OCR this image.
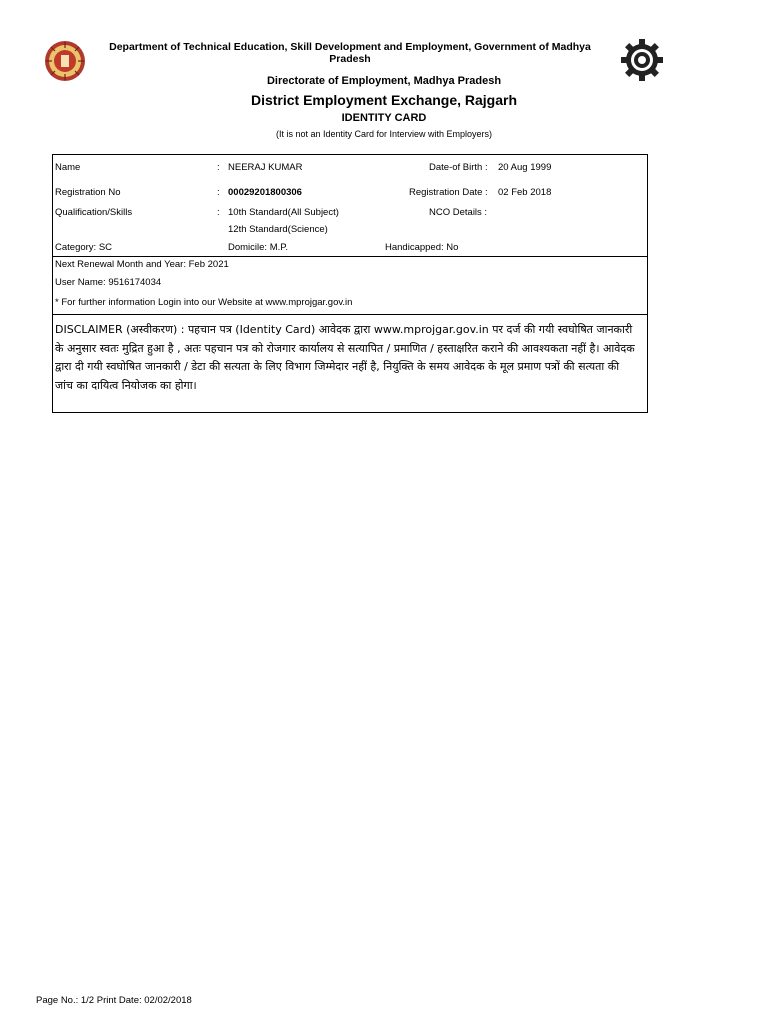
Department of Technical Education, Skill Development and Employment, Government of Madhya Pradesh
Directorate of Employment, Madhya Pradesh
District Employment Exchange, Rajgarh
IDENTITY CARD
(It is not an Identity Card for Interview with Employers)
Name	: NEERAJ KUMAR	Date-of Birth : 20 Aug 1999
Registration No	: 00029201800306	Registration Date : 02 Feb 2018
Qualification/Skills	: 10th Standard(All Subject)	NCO Details :
12th Standard(Science)
Category: SC	Domicile: M.P.	Handicapped: No
Next Renewal Month and Year: Feb 2021
User Name: 9516174034
* For further information Login into our Website at www.mprojgar.gov.in
DISCLAIMER (अस्वीकरण) : पहचान पत्र (Identity Card) आवेदक द्वारा www.mprojgar.gov.in पर दर्ज की गयी स्वघोषित जानकारी के अनुसार स्वतः मुद्रित हुआ है , अतः पहचान पत्र को रोजगार कार्यालय से सत्यापित / प्रमाणित / हस्ताक्षरित कराने की आवश्यकता नहीं है। आवेदक द्वारा दी गयी स्वघोषित जानकारी / डेटा की सत्यता के लिए विभाग जिम्मेदार नहीं है, नियुक्ति के समय आवेदक के मूल प्रमाण पत्रों की सत्यता की जांच का दायित्व नियोजक का होगा।
Page No.: 1/2 Print Date: 02/02/2018
